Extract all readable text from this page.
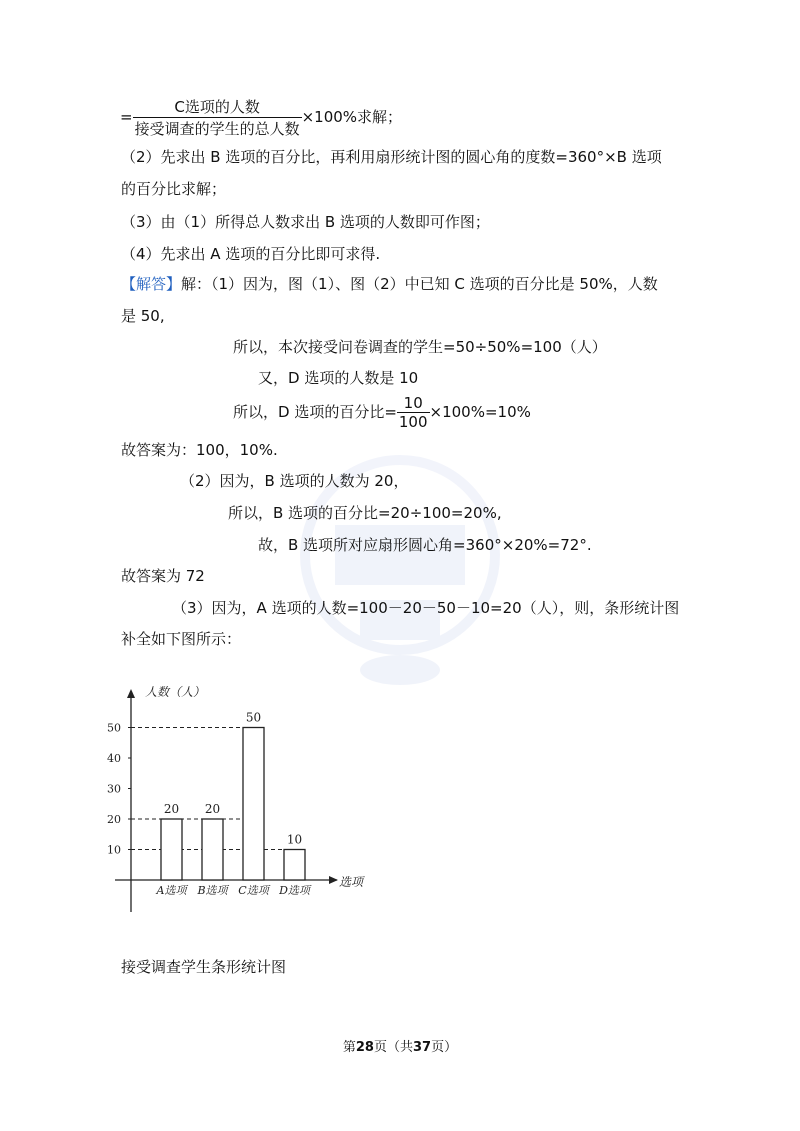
= $\frac{\text{C选项的人数}}{\text{接受调查的学生的总人数}} \times 100\%$求解；
（2）先求出 B 选项的百分比，再利用扇形统计图的圆心角的度数=360°×B 选项
的百分比求解；
（3）由（1）所得总人数求出 B 选项的人数即可作图；
（4）先求出 A 选项的百分比即可求得.
【解答】解：（1）因为，图（1）、图（2）中已知 C 选项的百分比是 50%，人数
是 50,
所以，本次接受问卷调查的学生=50÷50%=100（人）
又，D 选项的人数是 10
所以，D 选项的百分比= $\frac{10}{100} \times 100\%=10\%$
故答案为：100，10%.
（2）因为，B 选项的人数为 20，
所以，B 选项的百分比=20÷100=20%,
故，B 选项所对应扇形圆心角=360°×20%=72°.
故答案为 72
（3）因为，A 选项的人数=100－20－50－10=20（人），则，条形统计图
补全如下图所示：
人数（人）
10
20
30
40
50
20
A选项
20
B选项
50
C选项
10
D选项
选项
接受调查学生条形统计图
第28页（共37页）
